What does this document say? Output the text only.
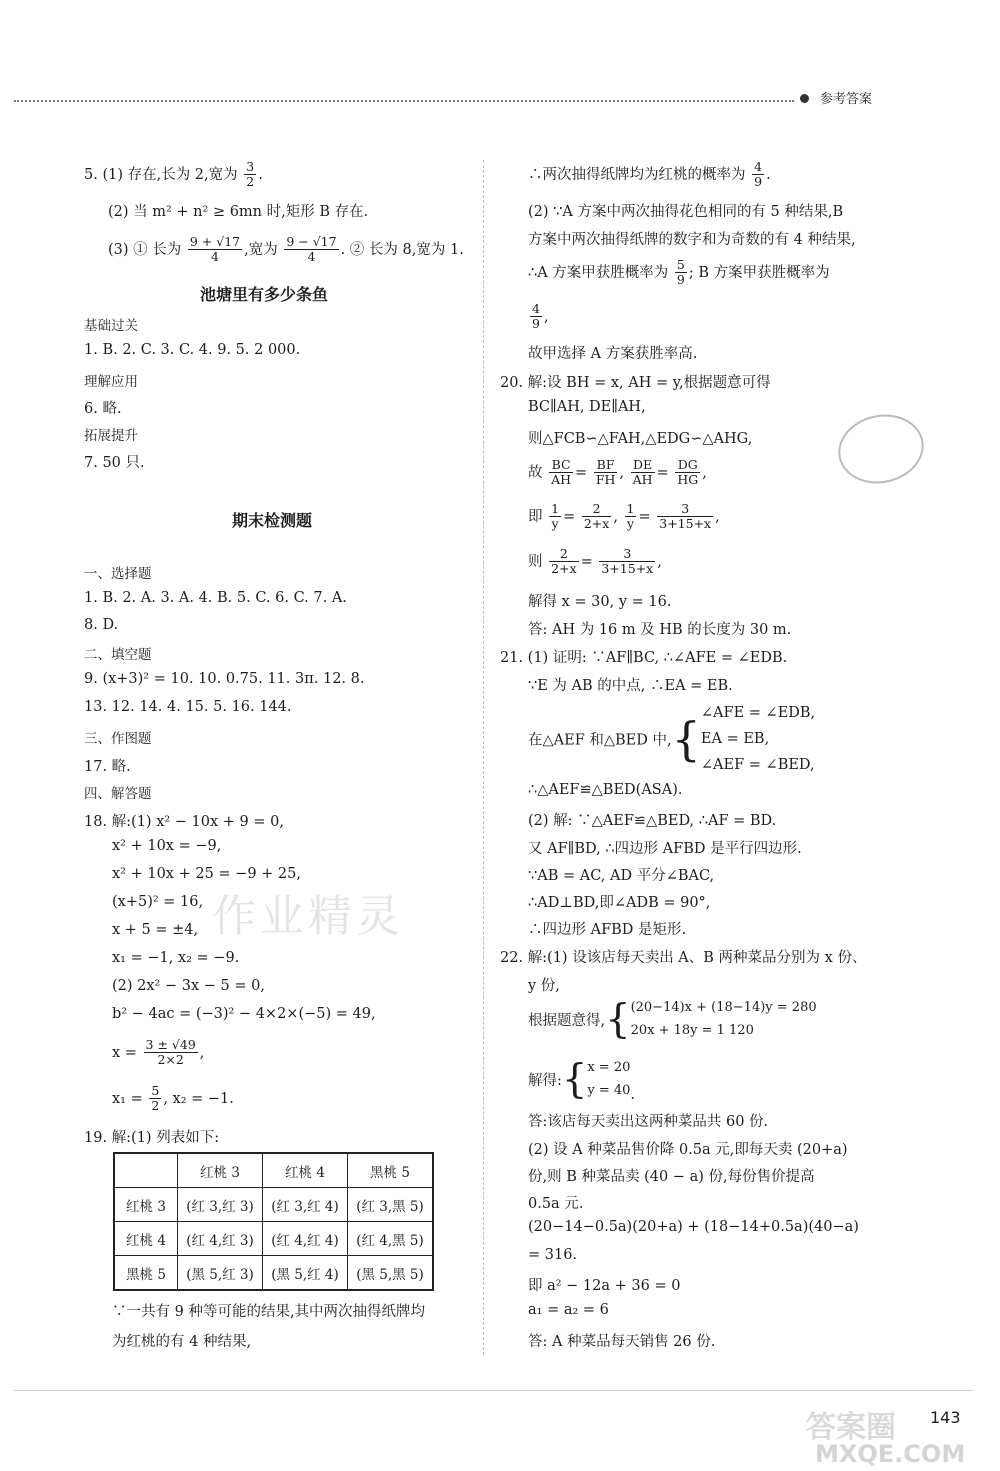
参考答案
5. (1) 存在,长为 2,宽为 $\frac{3}{2}$ .
(2) 当 m² + n² ≥ 6mn 时,矩形 B 存在.
(3) ① 长为 $\frac{9 + √17}{4}$ ,宽为 $\frac{9 - √17}{4}$ . ② 长为 8,宽为 1.
池塘里有多少条鱼
基础过关
1. B. 2. C. 3. C. 4. 9. 5. 2 000.
理解应用
6. 略.
拓展提升
7. 50 只.
期末检测题
一、选择题
1. B. 2. A. 3. A. 4. B. 5. C. 6. C. 7. A.
8. D.
二、填空题
9. (x+3)² = 10. 10. 0.75. 11. 3π. 12. 8.
13. 12. 14. 4. 15. 5. 16. 144.
三、作图题
17. 略.
四、解答题
18. 解:(1) x² − 10x + 9 = 0,
x² + 10x = −9,
x² + 10x + 25 = −9 + 25,
(x+5)² = 16,
x + 5 = ±4,
x₁ = −1, x₂ = −9.
(2) 2x² − 3x − 5 = 0,
b² − 4ac = (−3)² − 4×2×(−5) = 49,
$x = \frac{3 \pm √49}{2\times 2}$ ,
$x_1 = \frac{5}{2}$ , x₂ = −1.
19. 解:(1) 列表如下:
	红桃 3	红桃 4	黑桃 5
红桃 3	(红 3,红 3)	(红 3,红 4)	(红 3,黑 5)
红桃 4	(红 4,红 3)	(红 4,红 4)	(红 4,黑 5)
黑桃 5	(黑 5,红 3)	(黑 5,红 4)	(黑 5,黑 5)
∵一共有 9 种等可能的结果,其中两次抽得纸牌均
为红桃的有 4 种结果,
作业精灵
∴两次抽得纸牌均为红桃的概率为 $\frac{4}{9}$ .
(2) ∵A 方案中两次抽得花色相同的有 5 种结果,B
方案中两次抽得纸牌的数字和为奇数的有 4 种结果,
∴A 方案甲获胜概率为 $\frac{5}{9}$ ; B 方案甲获胜概率为
$\frac{4}{9}$ ,
故甲选择 A 方案获胜率高.
20. 解:设 BH = x, AH = y,根据题意可得
BC∥AH, DE∥AH,
则△FCB∽△FAH,△EDG∽△AHG,
故 $\frac{BC}{AH} = \frac{BF}{FH}$ , $\frac{DE}{AH} = \frac{DG}{HG}$ ,
即 $\frac{1}{y} = \frac{2}{2+x}$ , $\frac{1}{y} = \frac{3}{3+15+x}$ ,
则 $\frac{2}{2+x} = \frac{3}{3+15+x}$ ,
解得 x = 30, y = 16.
答: AH 为 16 m 及 HB 的长度为 30 m.
21. (1) 证明: ∵AF∥BC, ∴∠AFE = ∠EDB.
∵E 为 AB 的中点, ∴EA = EB.
在△AEF 和△BED 中,{ ∠AFE = ∠EDB,
EA = EB,
∠AEF = ∠BED,
∴△AEF≌△BED(ASA).
(2) 解: ∵△AEF≌△BED, ∴AF = BD.
又 AF∥BD, ∴四边形 AFBD 是平行四边形.
∵AB = AC, AD 平分∠BAC,
∴AD⊥BD,即∠ADB = 90°,
∴四边形 AFBD 是矩形.
22. 解:(1) 设该店每天卖出 A、B 两种菜品分别为 x 份、
y 份,
根据题意得,{ (20−14)x + (18−14)y = 280
20x + 18y = 1 120
解得:{ x = 20
y = 40 .
答:该店每天卖出这两种菜品共 60 份.
(2) 设 A 种菜品售价降 0.5a 元,即每天卖 (20+a)
份,则 B 种菜品卖 (40 − a) 份,每份售价提高
0.5a 元.
(20−14−0.5a)(20+a) + (18−14+0.5a)(40−a)
= 316.
即 a² − 12a + 36 = 0
a₁ = a₂ = 6
答: A 种菜品每天销售 26 份.
答案圈
MXQE.COM
143
